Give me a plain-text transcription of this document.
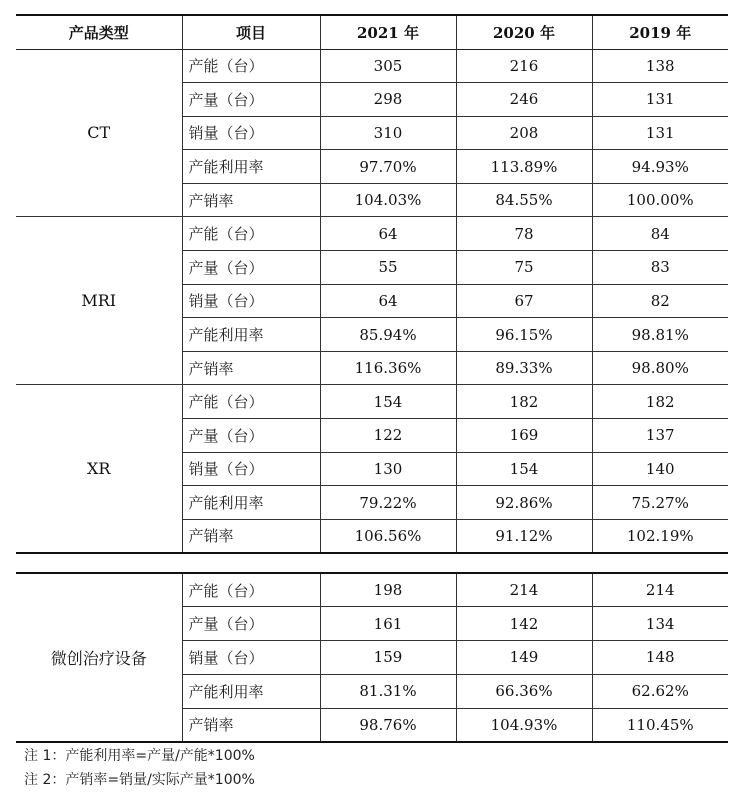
产品类型	项目	2021 年	2020 年	2019 年
CT	产能（台）	305	216	138
	产量（台）	298	246	131
	销量（台）	310	208	131
	产能利用率	97.70%	113.89%	94.93%
	产销率	104.03%	84.55%	100.00%
MRI	产能（台）	64	78	84
	产量（台）	55	75	83
	销量（台）	64	67	82
	产能利用率	85.94%	96.15%	98.81%
	产销率	116.36%	89.33%	98.80%
XR	产能（台）	154	182	182
	产量（台）	122	169	137
	销量（台）	130	154	140
	产能利用率	79.22%	92.86%	75.27%
	产销率	106.56%	91.12%	102.19%
微创治疗设备	产能（台）	198	214	214
	产量（台）	161	142	134
	销量（台）	159	149	148
	产能利用率	81.31%	66.36%	62.62%
	产销率	98.76%	104.93%	110.45%
注 1：产能利用率=产量/产能*100%
注 2：产销率=销量/实际产量*100%
